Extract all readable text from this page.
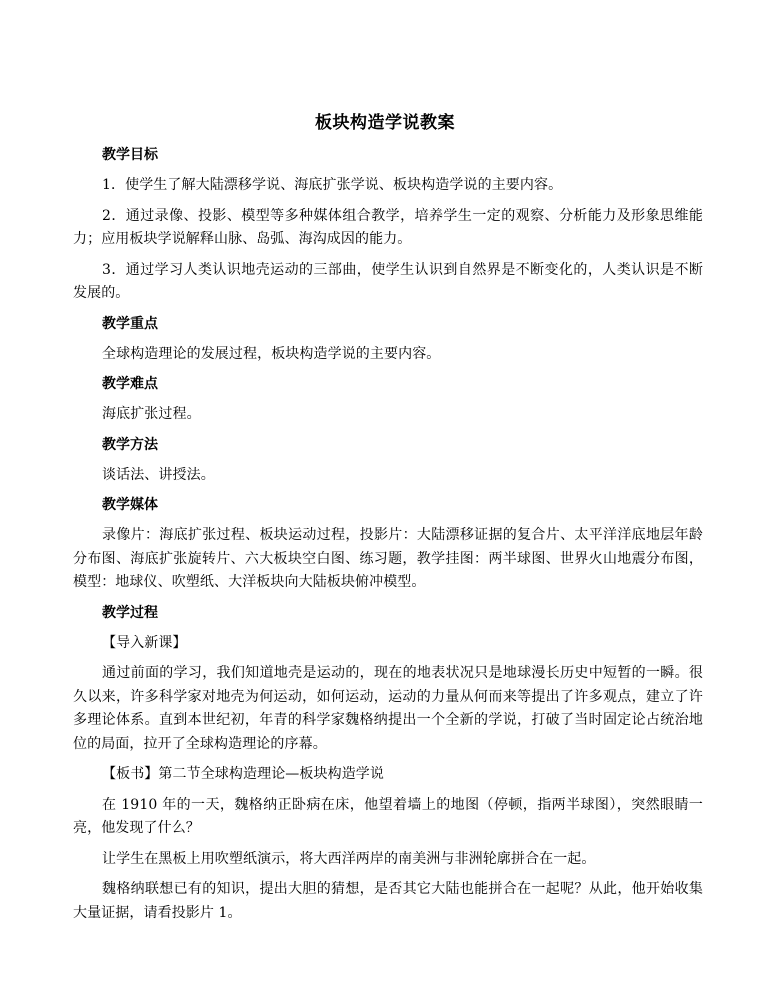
板块构造学说教案

教学目标

1．使学生了解大陆漂移学说、海底扩张学说、板块构造学说的主要内容。

2．通过录像、投影、模型等多种媒体组合教学，培养学生一定的观察、分析能力及形象思维能力；应用板块学说解释山脉、岛弧、海沟成因的能力。

3．通过学习人类认识地壳运动的三部曲，使学生认识到自然界是不断变化的，人类认识是不断发展的。

教学重点

全球构造理论的发展过程，板块构造学说的主要内容。

教学难点

海底扩张过程。

教学方法

谈话法、讲授法。

教学媒体

录像片：海底扩张过程、板块运动过程，投影片：大陆漂移证据的复合片、太平洋洋底地层年龄分布图、海底扩张旋转片、六大板块空白图、练习题，教学挂图：两半球图、世界火山地震分布图，模型：地球仪、吹塑纸、大洋板块向大陆板块俯冲模型。

教学过程

【导入新课】

通过前面的学习，我们知道地壳是运动的，现在的地表状况只是地球漫长历史中短暂的一瞬。很久以来，许多科学家对地壳为何运动，如何运动，运动的力量从何而来等提出了许多观点，建立了许多理论体系。直到本世纪初，年青的科学家魏格纳提出一个全新的学说，打破了当时固定论占统治地位的局面，拉开了全球构造理论的序幕。

【板书】第二节全球构造理论—板块构造学说

在 1910 年的一天，魏格纳正卧病在床，他望着墙上的地图（停顿，指两半球图），突然眼睛一亮，他发现了什么？

让学生在黑板上用吹塑纸演示，将大西洋两岸的南美洲与非洲轮廓拼合在一起。

魏格纳联想已有的知识，提出大胆的猜想，是否其它大陆也能拼合在一起呢？从此，他开始收集大量证据，请看投影片 1。
